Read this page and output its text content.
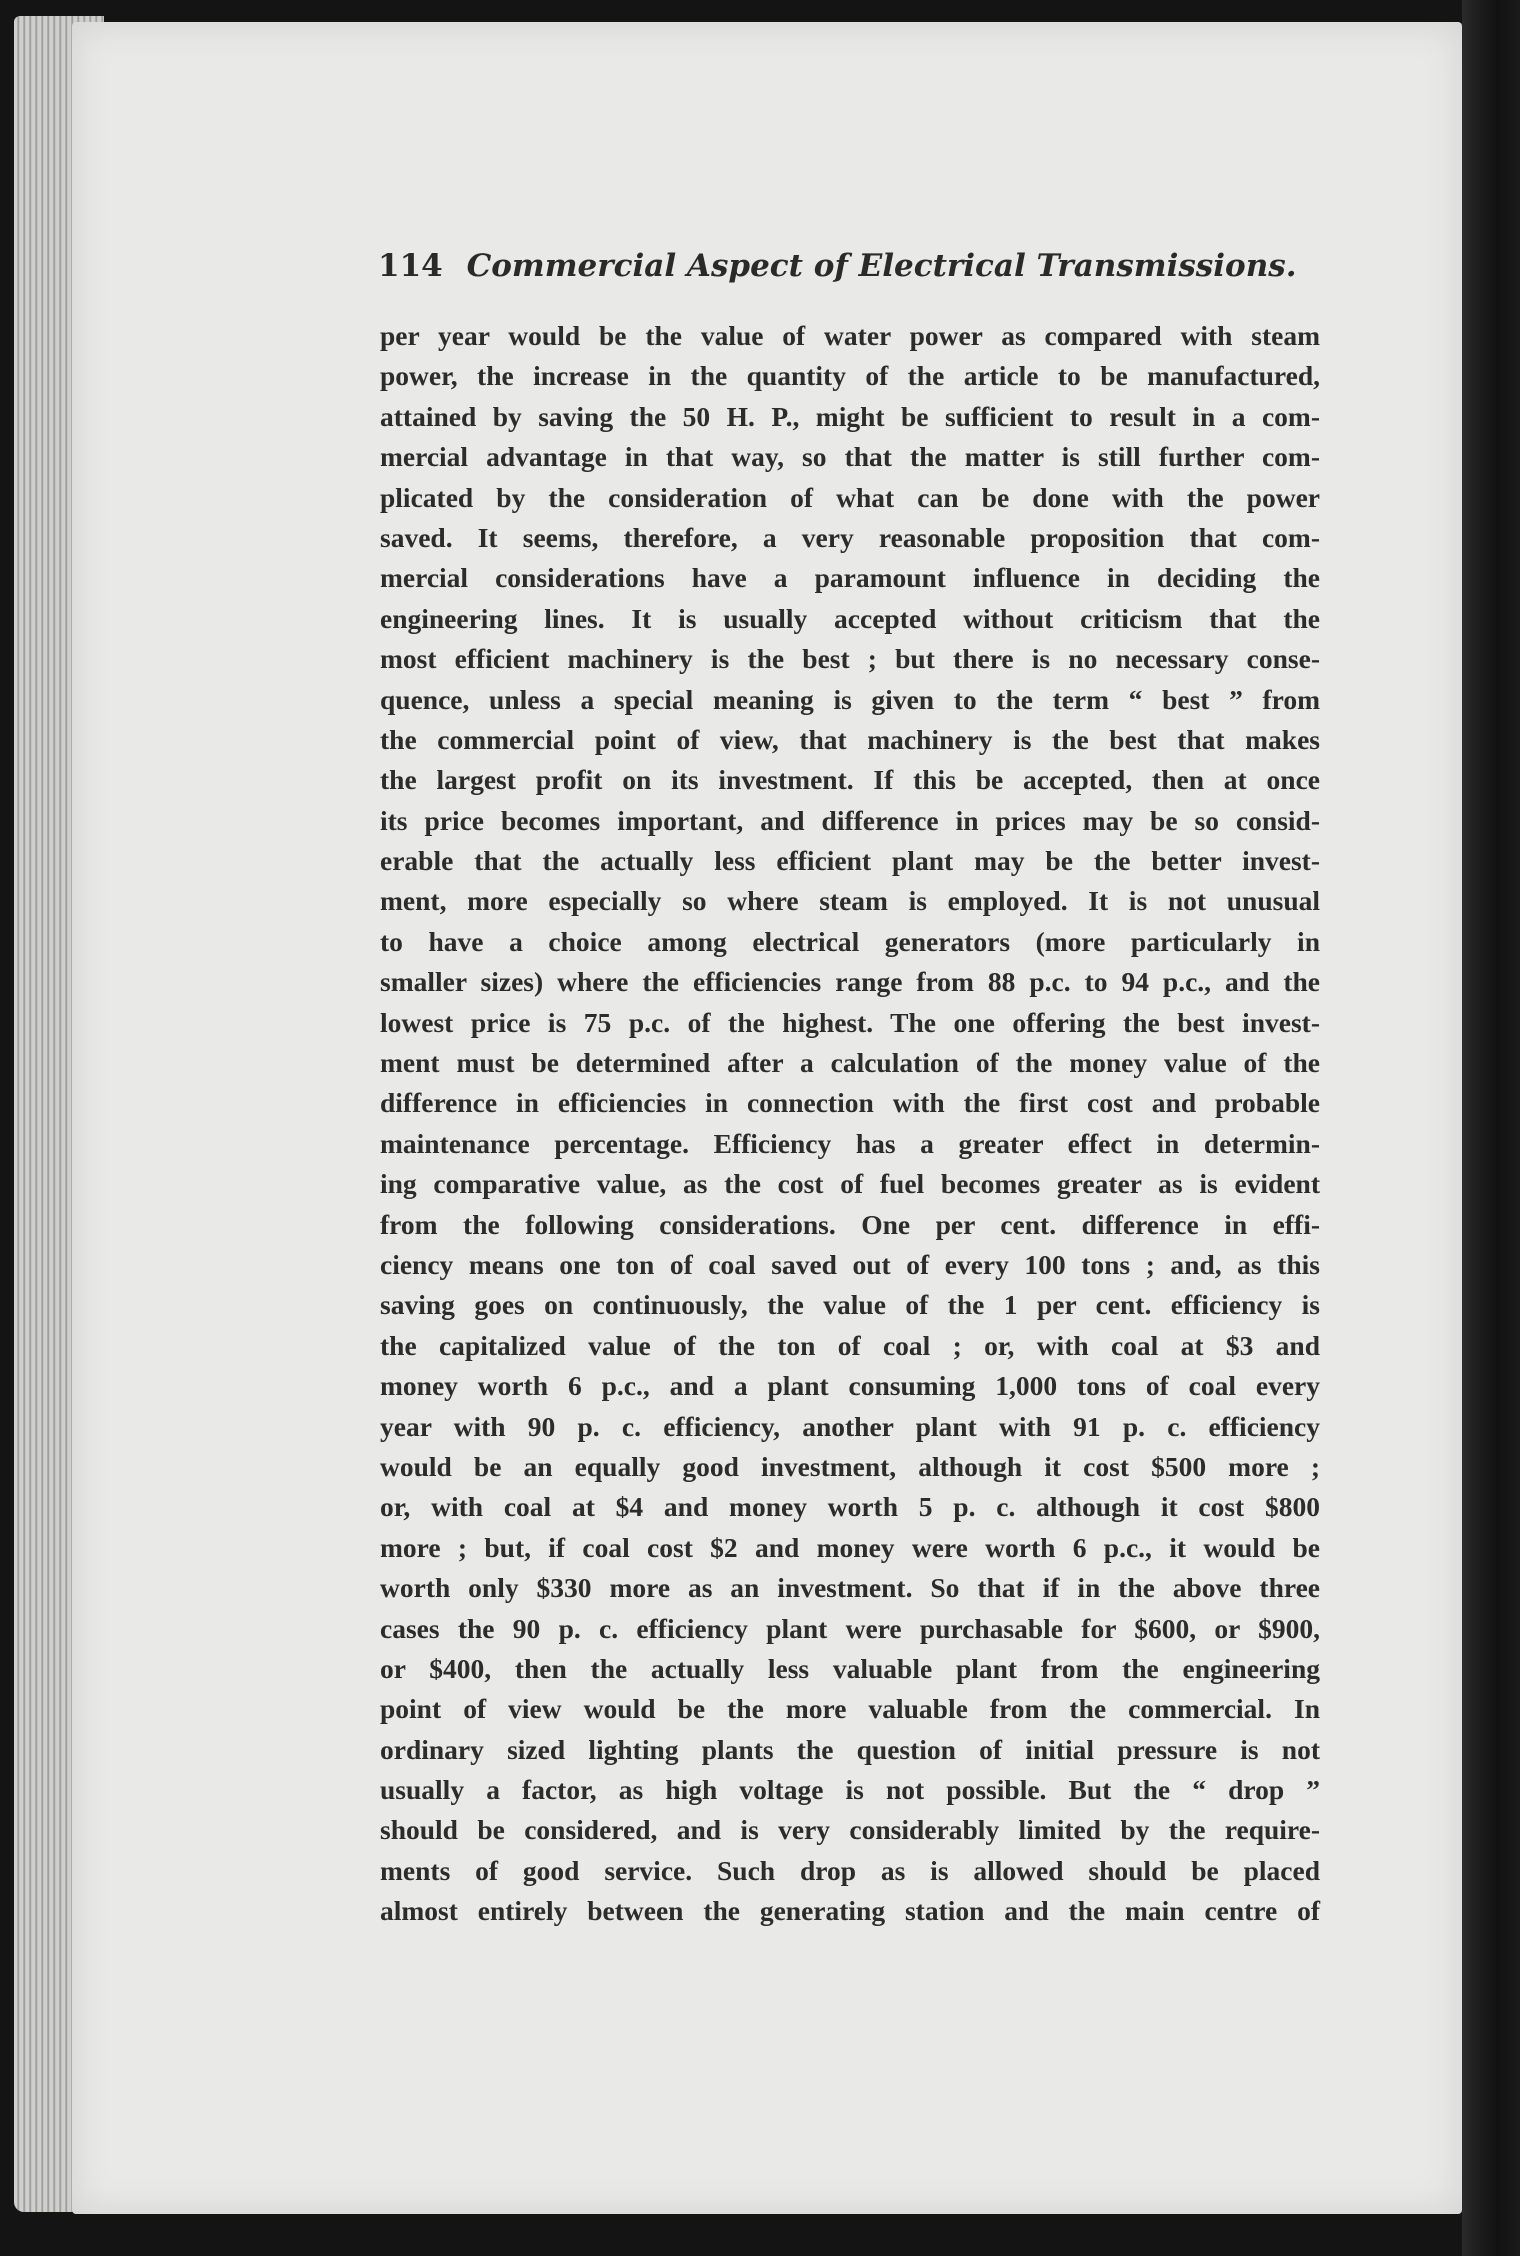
114 Commercial Aspect of Electrical Transmissions.
per year would be the value of water power as compared with steam
power, the increase in the quantity of the article to be manufactured,
attained by saving the 50 H. P., might be sufficient to result in a com-
mercial advantage in that way, so that the matter is still further com-
plicated by the consideration of what can be done with the power
saved. It seems, therefore, a very reasonable proposition that com-
mercial considerations have a paramount influence in deciding the
engineering lines. It is usually accepted without criticism that the
most efficient machinery is the best ; but there is no necessary conse-
quence, unless a special meaning is given to the term “ best ” from
the commercial point of view, that machinery is the best that makes
the largest profit on its investment. If this be accepted, then at once
its price becomes important, and difference in prices may be so consid-
erable that the actually less efficient plant may be the better invest-
ment, more especially so where steam is employed. It is not unusual
to have a choice among electrical generators (more particularly in
smaller sizes) where the efficiencies range from 88 p.c. to 94 p.c., and the
lowest price is 75 p.c. of the highest. The one offering the best invest-
ment must be determined after a calculation of the money value of the
difference in efficiencies in connection with the first cost and probable
maintenance percentage. Efficiency has a greater effect in determin-
ing comparative value, as the cost of fuel becomes greater as is evident
from the following considerations. One per cent. difference in effi-
ciency means one ton of coal saved out of every 100 tons ; and, as this
saving goes on continuously, the value of the 1 per cent. efficiency is
the capitalized value of the ton of coal ; or, with coal at $3 and
money worth 6 p.c., and a plant consuming 1,000 tons of coal every
year with 90 p. c. efficiency, another plant with 91 p. c. efficiency
would be an equally good investment, although it cost $500 more ;
or, with coal at $4 and money worth 5 p. c. although it cost $800
more ; but, if coal cost $2 and money were worth 6 p.c., it would be
worth only $330 more as an investment. So that if in the above three
cases the 90 p. c. efficiency plant were purchasable for $600, or $900,
or $400, then the actually less valuable plant from the engineering
point of view would be the more valuable from the commercial. In
ordinary sized lighting plants the question of initial pressure is not
usually a factor, as high voltage is not possible. But the “ drop ”
should be considered, and is very considerably limited by the require-
ments of good service. Such drop as is allowed should be placed
almost entirely between the generating station and the main centre of
